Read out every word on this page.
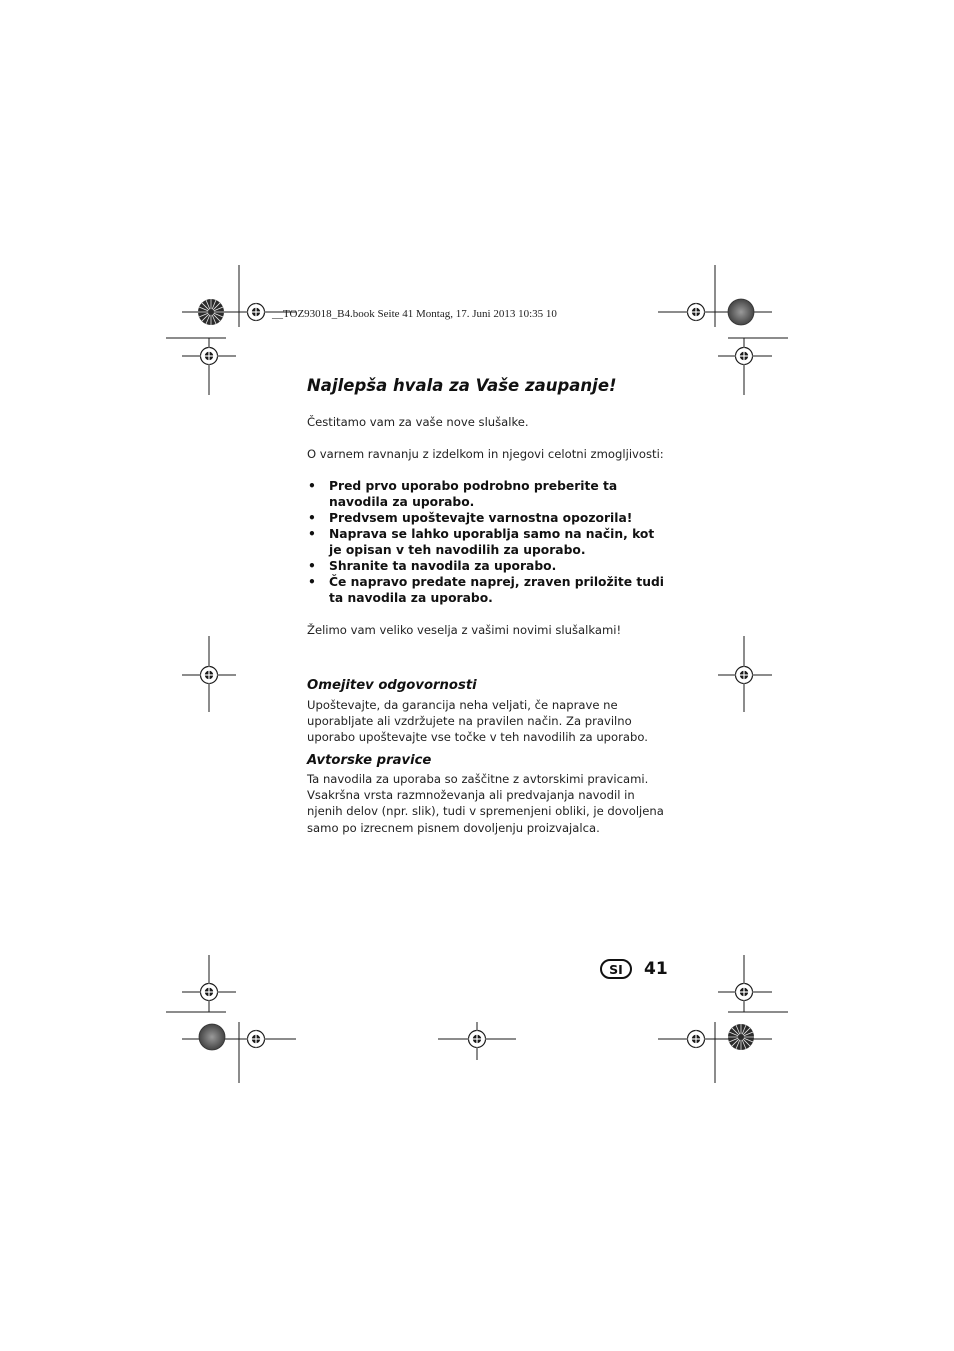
__TOZ93018_B4.book Seite 41 Montag, 17. Juni 2013 10:35 10
Najlepša hvala za Vaše zaupanje!

Čestitamo vam za vaše nove slušalke.

O varnem ravnanju z izdelkom in njegovi celotni zmogljivosti:

• Pred prvo uporabo podrobno preberite ta navodila za uporabo.
• Predvsem upoštevajte varnostna opozorila!
• Naprava se lahko uporablja samo na način, kot je opisan v teh navodilih za uporabo.
• Shranite ta navodila za uporabo.
• Če napravo predate naprej, zraven priložite tudi ta navodila za uporabo.

Želimo vam veliko veselja z vašimi novimi slušalkami!

Omejitev odgovornosti

Upoštevajte, da garancija neha veljati, če naprave ne uporabljate ali vzdržujete na pravilen način. Za pravilno uporabo upoštevajte vse točke v teh navodilih za uporabo.

Avtorske pravice

Ta navodila za uporaba so zaščitne z avtorskimi pravicami. Vsakršna vrsta razmnoževanja ali predvajanja navodil in njenih delov (npr. slik), tudi v spremenjeni obliki, je dovoljena samo po izrecnem pisnem dovoljenju proizvajalca.

SI	41
